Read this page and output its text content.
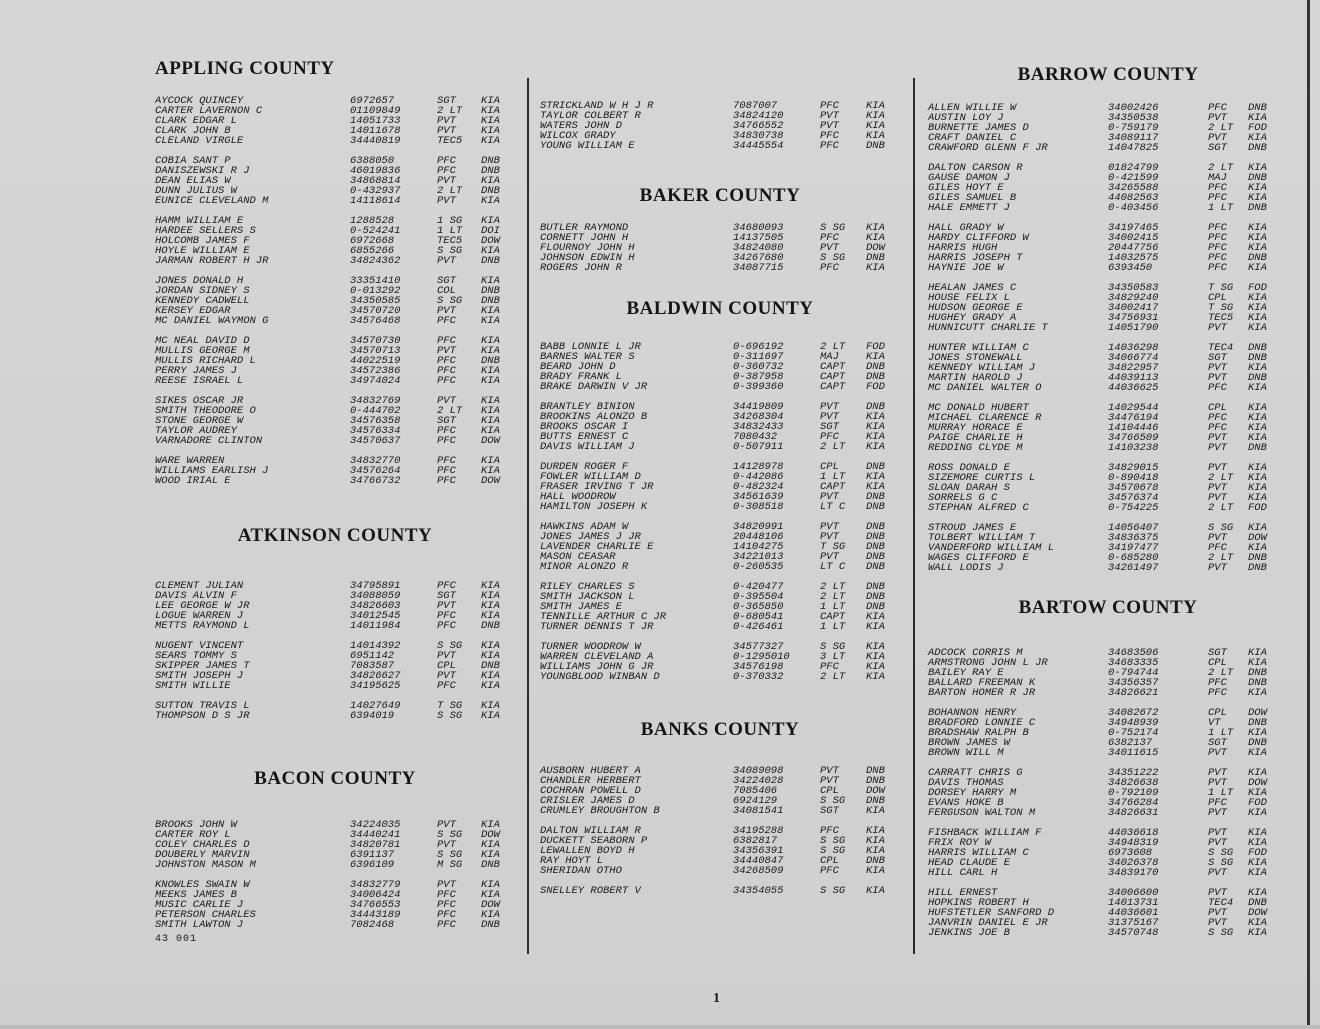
APPLING COUNTY
AYCOCK QUINCEY	6972657	SGT KIA
CARTER LAVERNON C	01109849	2 LT KIA
CLARK EDGAR L	14051733	PVT KIA
CLARK JOHN B	14011678	PVT KIA
CLELAND VIRGLE	34440819	TEC5 KIA
COBIA SANT P	6388050	PFC DNB
DANISZEWSKI R J	46019836	PFC DNB
DEAN ELIAS W	34868814	PVT KIA
DUNN JULIUS W	0-432937	2 LT DNB
EUNICE CLEVELAND M	14118614	PVT KIA
HAMM WILLIAM E	1288528	1 SG KIA
HARDEE SELLERS S	0-524241	1 LT DOI
HOLCOMB JAMES F	6972668	TEC5 DOW
HOYLE WILLIAM E	6855266	S SG KIA
JARMAN ROBERT H JR	34824362	PVT DNB
JONES DONALD H	33351410	SGT KIA
JORDAN SIDNEY S	0-013292	COL DNB
KENNEDY CADWELL	34350585	S SG DNB
KERSEY EDGAR	34570720	PVT KIA
MC DANIEL WAYMON G	34576468	PFC KIA
MC NEAL DAVID D	34570730	PFC KIA
MULLIS GEORGE M	34570713	PVT KIA
MULLIS RICHARD L	44022519	PFC DNB
PERRY JAMES J	34572386	PFC KIA
REESE ISRAEL L	34974024	PFC KIA
SIKES OSCAR JR	34832769	PVT KIA
SMITH THEODORE O	0-444702	2 LT KIA
STONE GEORGE W	34576358	SGT KIA
TAYLOR AUDREY	34576334	PFC KIA
VARNADORE CLINTON	34570637	PFC DOW
WARE WARREN	34832770	PFC KIA
WILLIAMS EARLISH J	34576264	PFC KIA
WOOD IRIAL E	34766732	PFC DOW
ATKINSON COUNTY
CLEMENT JULIAN	34795891	PFC KIA
DAVIS ALVIN F	34088059	SGT KIA
LEE GEORGE W JR	34826603	PVT KIA
LOGUE WARREN J	34012545	PFC KIA
METTS RAYMOND L	14011984	PFC DNB
NUGENT VINCENT	14014392	S SG KIA
SEARS TOMMY S	6951142	PVT KIA
SKIPPER JAMES T	7083587	CPL DNB
SMITH JOSEPH J	34826627	PVT KIA
SMITH WILLIE	34195625	PFC KIA
SUTTON TRAVIS L	14027649	T SG KIA
THOMPSON D S JR	6394019	S SG KIA
BACON COUNTY
BROOKS JOHN W	34224035	PVT KIA
CARTER ROY L	34440241	S SG DOW
COLEY CHARLES D	34820781	PVT KIA
DOUBERLY MARVIN	6391137	S SG KIA
JOHNSTON MASON M	6396109	M SG DNB
KNOWLES SWAIN W	34832779	PVT KIA
MEEKS JAMES B	34006424	PFC KIA
MUSIC CARLIE J	34766553	PFC DOW
PETERSON CHARLES	34443189	PFC KIA
SMITH LAWTON J	7082468	PFC DNB
STRICKLAND W H J R	7087007	PFC	KIA
TAYLOR COLBERT R	34824120	PVT	KIA
WATERS JOHN D	34766552	PVT	KIA
WILCOX GRADY	34830738	PFC	KIA
YOUNG WILLIAM E	34445554	PFC	DNB
BAKER COUNTY
BUTLER RAYMOND	34680093	S SG KIA
CORNETT JOHN H	14137505	PFC	KIA
FLOURNOY JOHN H	34824080	PVT	DOW
JOHNSON EDWIN H	34267680	S SG DNB
ROGERS JOHN R	34087715	PFC	KIA
BALDWIN COUNTY
BABB LONNIE L JR	0-696192	2 LT FOD
BARNES WALTER S	0-311697	MAJ	KIA
BEARD JOHN D	0-360732	CAPT DNB
BRADY FRANK L	0-387958	CAPT DNB
BRAKE DARWIN V JR	0-399360	CAPT FOD
BRANTLEY BINION	34419809	PVT	DNB
BROOKINS ALONZO B	34268304	PVT	KIA
BROOKS OSCAR I	34832433	SGT	KIA
BUTTS ERNEST C	7080432	PFC	KIA
DAVIS WILLIAM J	0-507911	2 LT KIA
DURDEN ROGER F	14128978	CPL	DNB
FOWLER WILLIAM D	0-442086	1 LT KIA
FRASER IRVING T JR	0-482324	CAPT KIA
HALL WOODROW	34561639	PVT	DNB
HAMILTON JOSEPH K	0-308518	LT C DNB
HAWKINS ADAM W	34820991	PVT	DNB
JONES JAMES J JR	20448106	PVT	DNB
LAVENDER CHARLIE E	14104275	T SG DNB
MASON CEASAR	34221013	PVT	DNB
MINOR ALONZO R	0-260535	LT C DNB
RILEY CHARLES S	0-420477	2 LT DNB
SMITH JACKSON L	0-395504	2 LT DNB
SMITH JAMES E	0-365850	1 LT DNB
TENNILLE ARTHUR C JR	0-680541	CAPT KIA
TURNER DENNIS T JR	0-426461	1 LT KIA
TURNER WOODROW W	34577327	S SG KIA
WARREN CLEVELAND A	0-1295010	3 LT KIA
WILLIAMS JOHN G JR	34576198	PFC	KIA
YOUNGBLOOD WINBAN D	0-370332	2 LT KIA
BANKS COUNTY
AUSBORN HUBERT A	34089098	PVT	DNB
CHANDLER HERBERT	34224028	PVT	DNB
COCHRAN POWELL D	7085406	CPL	DOW
CRISLER JAMES D	6924129	S SG DNB
CRUMLEY BROUGHTON B	34081541	SGT	KIA
DALTON WILLIAM R	34195288	PFC	KIA
DUCKETT SEABORN P	6382817	S SG KIA
LEWALLEN BOYD H	34356391	S SG KIA
RAY HOYT L	34440847	CPL	DNB
SHERIDAN OTHO	34268509	PFC	KIA
SNELLEY ROBERT V	34354055	S SG KIA
BARROW COUNTY
ALLEN WILLIE W	34002426	PFC DNB
AUSTIN LOY J	34350538	PVT KIA
BURNETTE JAMES D	0-759179	2 LT FOD
CRAFT DANIEL C	34089117	PVT KIA
CRAWFORD GLENN F JR	14047825	SGT DNB
DALTON CARSON R	01824799	2 LT KIA
GAUSE DAMON J	0-421599	MAJ DNB
GILES HOYT E	34265588	PFC KIA
GILES SAMUEL B	44082563	PFC KIA
HALE EMMETT J	0-403456	1 LT DNB
HALL GRADY W	34197465	PFC KIA
HARDY CLIFFORD W	34002415	PFC KIA
HARRIS HUGH	20447756	PFC KIA
HARRIS JOSEPH T	14032575	PFC DNB
HAYNIE JOE W	6393450	PFC KIA
HEALAN JAMES C	34350583	T SG FOD
HOUSE FELIX L	34829240	CPL KIA
HUDSON GEORGE E	34002417	T SG KIA
HUGHEY GRADY A	34756931	TEC5 KIA
HUNNICUTT CHARLIE T	14051790	PVT KIA
HUNTER WILLIAM C	14036298	TEC4 DNB
JONES STONEWALL	34066774	SGT DNB
KENNEDY WILLIAM J	34822957	PVT KIA
MARTIN HAROLD J	44039113	PVT DNB
MC DANIEL WALTER O	44036625	PFC KIA
MC DONALD HUBERT	14029544	CPL KIA
MICHAEL CLARENCE R	34476194	PFC KIA
MURRAY HORACE E	14104446	PFC KIA
PAIGE CHARLIE H	34766509	PVT KIA
REDDING CLYDE M	14103238	PVT DNB
ROSS DONALD E	34829015	PVT KIA
SIZEMORE CURTIS L	0-890418	2 LT KIA
SLOAN DARAH S	34570678	PVT KIA
SORRELS G C	34576374	PVT KIA
STEPHAN ALFRED C	0-754225	2 LT FOD
STROUD JAMES E	14056407	S SG KIA
TOLBERT WILLIAM T	34836375	PVT DOW
VANDERFORD WILLIAM L	34197477	PFC KIA
WAGES CLIFFORD E	0-685280	2 LT DNB
WALL LODIS J	34261497	PVT DNB
BARTOW COUNTY
ADCOCK CORRIS M	34683506	SGT KIA
ARMSTRONG JOHN L JR	34683335	CPL KIA
BAILEY RAY E	0-794744	2 LT DNB
BALLARD FREEMAN K	34356357	PFC DNB
BARTON HOMER R JR	34826621	PFC KIA
BOHANNON HENRY	34082672	CPL DOW
BRADFORD LONNIE C	34948939	VT	DNB
BRADSHAW RALPH B	0-752174	1 LT KIA
BROWN JAMES W	6382137	SGT DNB
BROWN WILL M	34011615	PVT KIA
CARRATT CHRIS G	34351222	PVT KIA
DAVIS THOMAS	34826638	PVT DOW
DORSEY HARRY M	0-792109	1 LT KIA
EVANS HOKE B	34766284	PFC FOD
FERGUSON WALTON M	34826631	PVT KIA
FISHBACK WILLIAM F	44036618	PVT KIA
FRIX ROY W	34948319	PVT KIA
HARRIS WILLIAM C	6973608	S SG FOD
HEAD CLAUDE E	34026378	S SG KIA
HILL CARL H	34839170	PVT KIA
HILL ERNEST	34006600	PVT KIA
HOPKINS ROBERT H	14013731	TEC4 DNB
HUFSTETLER SANFORD D	44036601	PVT DOW
JANVRIN DANIEL E JR	31375167	PVT KIA
JENKINS JOE B	34570748	S SG KIA
43 001
1
